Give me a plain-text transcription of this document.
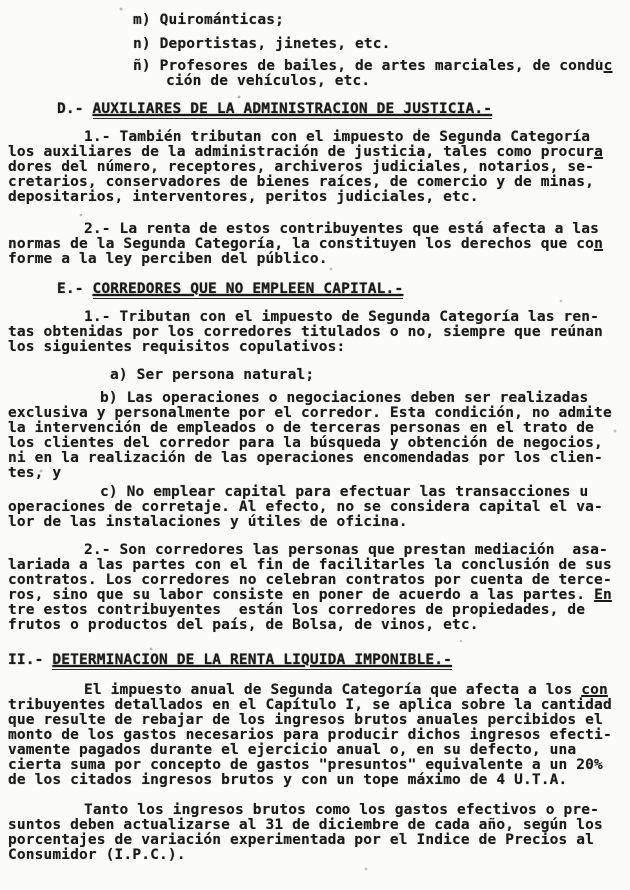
m) Quirománticas;
n) Deportistas, jinetes, etc.
ñ) Profesores de bailes, de artes marciales, de conduc
ción de vehículos, etc.
D.- AUXILIARES DE LA ADMINISTRACION DE JUSTICIA.-
1.- También tributan con el impuesto de Segunda Categoría
los auxiliares de la administración de justicia, tales como procura
dores del número, receptores, archiveros judiciales, notarios, se-
cretarios, conservadores de bienes raíces, de comercio y de minas,
depositarios, interventores, peritos judiciales, etc.
2.- La renta de estos contribuyentes que está afecta a las
normas de la Segunda Categoría, la constituyen los derechos que con
forme a la ley perciben del público.
E.- CORREDORES QUE NO EMPLEEN CAPITAL.-
1.- Tributan con el impuesto de Segunda Categoría las ren-
tas obtenidas por los corredores titulados o no, siempre que reúnan
los siguientes requisitos copulativos:
a) Ser persona natural;
b) Las operaciones o negociaciones deben ser realizadas
exclusiva y personalmente por el corredor. Esta condición, no admite
la intervención de empleados o de terceras personas en el trato de
los clientes del corredor para la búsqueda y obtención de negocios,
ni en la realización de las operaciones encomendadas por los clien-
tes, y
c) No emplear capital para efectuar las transacciones u
operaciones de corretaje. Al efecto, no se considera capital el va-
lor de las instalaciones y útiles de oficina.
2.- Son corredores las personas que prestan mediación  asa-
lariada a las partes con el fin de facilitarles la conclusión de sus
contratos. Los corredores no celebran contratos por cuenta de terce-
ros, sino que su labor consiste en poner de acuerdo a las partes. En
tre estos contribuyentes  están los corredores de propiedades, de
frutos o productos del país, de Bolsa, de vinos, etc.
II.- DETERMINACION DE LA RENTA LIQUIDA IMPONIBLE.-
El impuesto anual de Segunda Categoría que afecta a los con
tribuyentes detallados en el Capítulo I, se aplica sobre la cantidad
que resulte de rebajar de los ingresos brutos anuales percibidos el
monto de los gastos necesarios para producir dichos ingresos efecti-
vamente pagados durante el ejercicio anual o, en su defecto, una
cierta suma por concepto de gastos "presuntos" equivalente a un 20%
de los citados ingresos brutos y con un tope máximo de 4 U.T.A.
Tanto los ingresos brutos como los gastos efectivos o pre-
suntos deben actualizarse al 31 de diciembre de cada año, según los
porcentajes de variación experimentada por el Indice de Precios al
Consumidor (I.P.C.).
